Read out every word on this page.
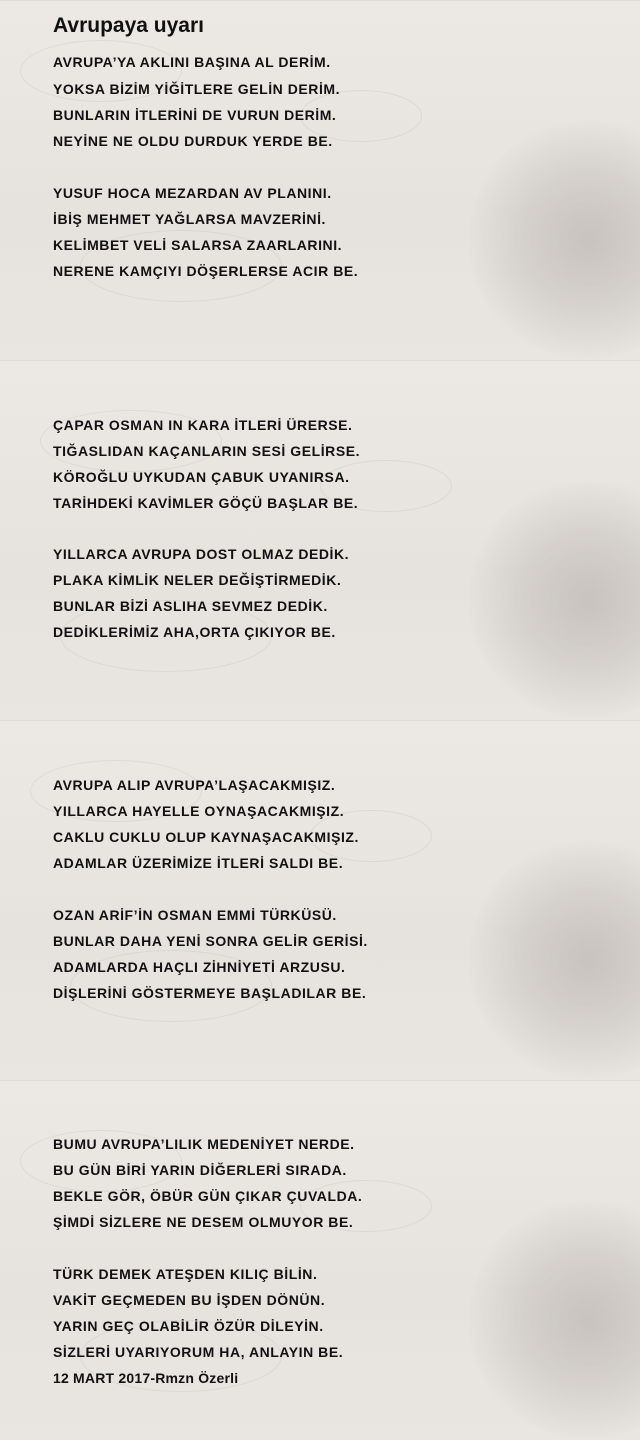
Avrupaya uyarı
AVRUPA’YA AKLINI BAŞINA AL DERİM.
YOKSA BİZİM YİĞİTLERE GELİN DERİM.
BUNLARIN İTLERİNİ DE VURUN DERİM.
NEYİNE NE OLDU DURDUK YERDE BE.
YUSUF HOCA MEZARDAN AV PLANINI.
İBİŞ MEHMET YAĞLARSA MAVZERİNİ.
KELİMBET VELİ SALARSA ZAARLARINI.
NERENE KAMÇIYI DÖŞERLERSE ACIR BE.
ÇAPAR OSMAN IN KARA İTLERİ ÜRERSE.
TIĞASLIDAN KAÇANLARIN SESİ GELİRSE.
KÖROĞLU UYKUDAN ÇABUK UYANIRSA.
TARİHDEKİ KAVİMLER GÖÇÜ BAŞLAR BE.
YILLARCA AVRUPA DOST OLMAZ DEDİK.
PLAKA KİMLİK NELER DEĞİŞTİRMEDİK.
BUNLAR BİZİ ASLIHA SEVMEZ DEDİK.
DEDİKLERİMİZ AHA,ORTA ÇIKIYOR BE.
AVRUPA ALIP AVRUPA’LAŞACAKMIŞIZ.
YILLARCA HAYELLE OYNAŞACAKMIŞIZ.
CAKLU CUKLU OLUP KAYNAŞACAKMIŞIZ.
ADAMLAR ÜZERİMİZE İTLERİ SALDI BE.
OZAN ARİF’İN OSMAN EMMİ TÜRKÜSÜ.
BUNLAR DAHA YENİ SONRA GELİR GERİSİ.
ADAMLARDA HAÇLI ZİHNİYETİ ARZUSU.
DİŞLERİNİ GÖSTERMEYE BAŞLADILAR BE.
BUMU AVRUPA’LILIK MEDENİYET NERDE.
BU GÜN BİRİ YARIN DİĞERLERİ SIRADA.
BEKLE GÖR, ÖBÜR GÜN ÇIKAR ÇUVALDA.
ŞİMDİ SİZLERE NE DESEM OLMUYOR BE.
TÜRK DEMEK ATEŞDEN KILIÇ BİLİN.
VAKİT GEÇMEDEN BU İŞDEN DÖNÜN.
YARIN GEÇ OLABİLİR ÖZÜR DİLEYİN.
SİZLERİ UYARIYORUM HA, ANLAYIN BE.
12 MART 2017-Rmzn Özerli
